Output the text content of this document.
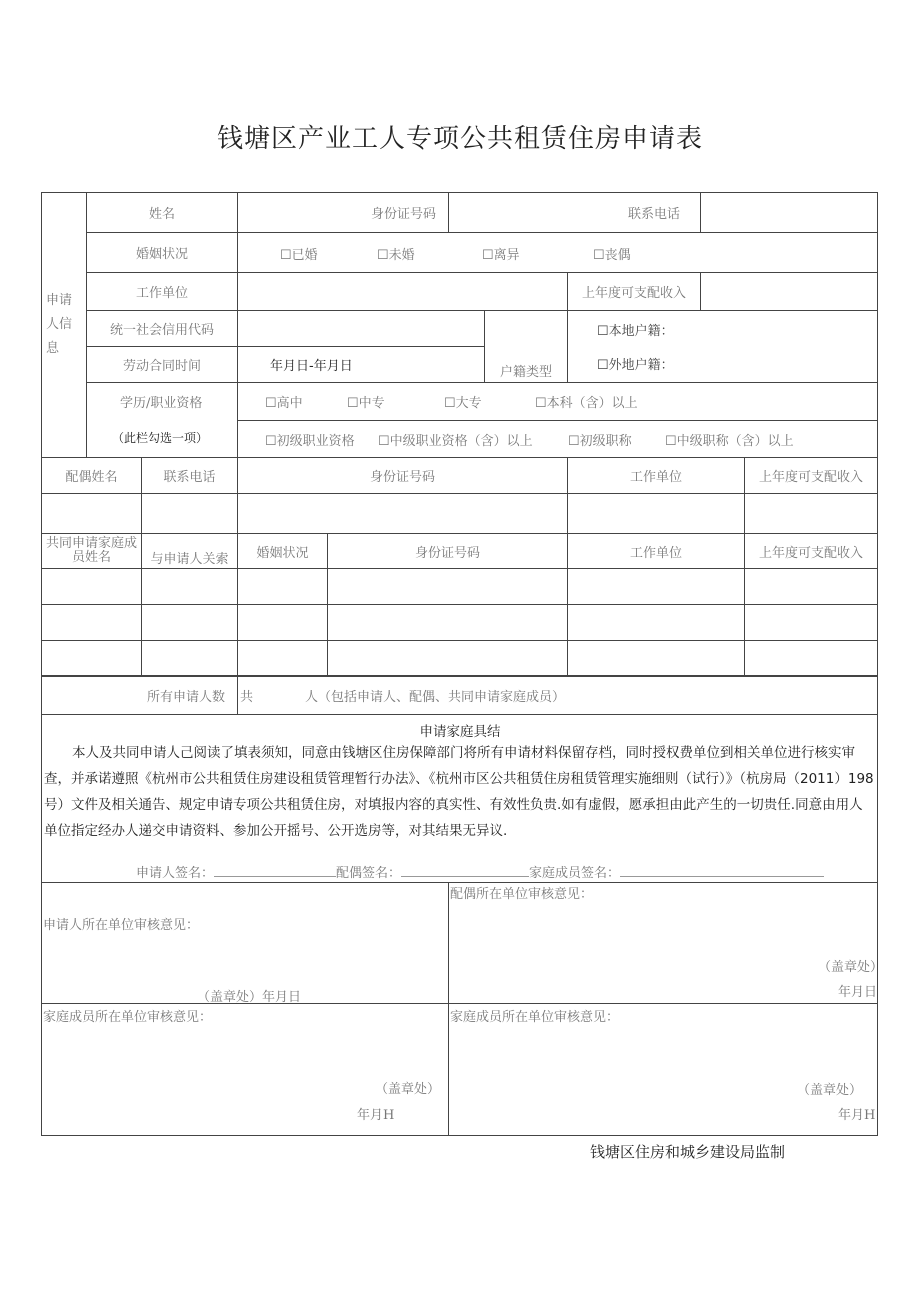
钱塘区产业工人专项公共租赁住房申请表
申请人信息
姓名	身份证号码	联系电话
婚姻状况	☐已婚	☐未婚	☐离异	☐丧偶
工作单位	上年度可支配收入
统一社会信用代码
劳动合同时间	年月日-年月日	户籍类型
☐本地户籍：
☐外地户籍：
学历/职业资格
（此栏勾选一项）
☐高中	☐中专	☐大专	☐本科（含）以上
☐初级职业资格 ☐中级职业资格（含）以上	☐初级职称	☐中级职称（含）以上
配偶姓名	联系电话	身份证号码	工作单位	上年度可支配收入
共同申请家庭成员姓名	与申请人关索	婚姻状况	身份证号码	工作单位	上年度可支配收入
所有申请人数	共　　　　人（包括申请人、配偶、共同申请家庭成员）
申请家庭具结
本人及共同申请人己阅读了填表须知，同意由钱塘区住房保障部门将所有申请材料保留存档，同时授权费单位到相关单位进行核实审查，并承诺遵照《杭州市公共租赁住房建设租赁管理暂行办法》、《杭州市区公共租赁住房租赁管理实施细则（试行）》（杭房局（2011）198号）文件及相关通告、规定申请专项公共租赁住房，对填报内容的真实性、有效性负贵.如有虚假，愿承担由此产生的一切贵任.同意由用人单位指定经办人递交申请资料、参加公开摇号、公开选房等，对其结果无异议.
申请人签名：	配偶签名：	家庭成员签名：
申请人所在单位审核意见：
（盖章处）年月日
配偶所在单位审核意见：
（盖章处）
年月日
家庭成员所在单位审核意见：
（盖章处）
年月H
家庭成员所在单位审核意见：
（盖章处）
年月H
钱塘区住房和城乡建设局监制
